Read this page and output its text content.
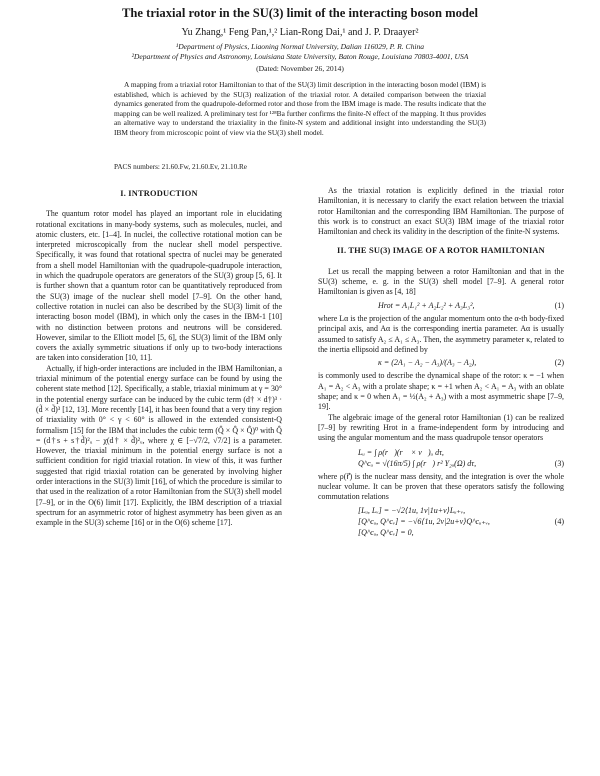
The triaxial rotor in the SU(3) limit of the interacting boson model
Yu Zhang,¹ Feng Pan,¹,² Lian-Rong Dai,¹ and J. P. Draayer²
¹Department of Physics, Liaoning Normal University, Dalian 116029, P. R. China
²Department of Physics and Astronomy, Louisiana State University, Baton Rouge, Louisiana 70803-4001, USA
(Dated: November 26, 2014)
A mapping from a triaxial rotor Hamiltonian to that of the SU(3) limit description in the interacting boson model (IBM) is established, which is achieved by the SU(3) realization of the triaxial rotor. A detailed comparison between the triaxial dynamics generated from the quadrupole-deformed rotor and those from the IBM image is made. The results indicate that the mapping can be well realized. A preliminary test for ¹²⁸Ba further confirms the finite-N effect of the mapping. It thus provides an alternative way to understand the triaxiality in the finite-N system and additional insight into understanding the SU(3) IBM theory from microscopic point of view via the SU(3) shell model.
PACS numbers: 21.60.Fw, 21.60.Ev, 21.10.Re
I. INTRODUCTION

The quantum rotor model has played an important role in elucidating rotational excitations in many-body systems, such as molecules, nuclei, and atomic clusters, etc. [1–4]. In nuclei, the collective rotational motion can be interpreted microscopically from the nuclear shell model perspective. Specifically, it was found that rotational spectra of nuclei may be generated from a shell model Hamiltonian with the quadrupole-quadrupole interaction, in which the quadrupole operators are generators of the SU(3) group [5, 6]. It is further shown that a quantum rotor can be quantitatively reproduced from the SU(3) image of the nuclear shell model [7–9]. On the other hand, collective rotation in nuclei can also be described by the SU(3) limit of the interacting boson model (IBM), in which only the cases in the IBM-1 [10] with no distinction between protons and neutrons will be considered. However, similar to the Elliott model [5, 6], the SU(3) limit of the IBM only covers the axially symmetric situations if only up to two-body interactions are taken into consideration [10, 11].

Actually, if high-order interactions are included in the IBM Hamiltonian, a triaxial minimum of the potential energy surface can be found by using the coherent state method [12]. Specifically, a stable, triaxial minimum at γ = 30° in the potential energy surface can be induced by the cubic term (d† × d†)³ · (d̃ × d̃)³ [12, 13]. More recently [14], it has been found that a very tiny region of triaxiality with 0° < γ < 60° is allowed in the extended consistent-Q formalism [15] for the IBM that includes the cubic term (Q̂ × Q̂ × Q̂)⁰ with Q̂ = (d†s + s†d̃)²ᵤ − χ(d† × d̃)²ᵤ, where χ ∈ [−√7/2, √7/2] is a parameter. However, the triaxial minimum in the potential energy surface is not a sufficient condition for rigid triaxial rotation. In view of this, it was further suggested that rigid triaxial rotation can be generated by involving higher order interactions in the SU(3) limit [16], of which the procedure is similar to that used in the realization of a rotor Hamiltonian from the SU(3) shell model [7–9], or in the O(6) limit [17]. Explicitly, the IBM description of a triaxial spectrum for an asymmetric rotor of highest asymmetry has been given as an example in the SU(3) scheme [16] or in the O(6) scheme [17].

As the triaxial rotation is explicitly defined in the triaxial rotor Hamiltonian, it is necessary to clarify the exact relation between the triaxial rotor Hamiltonian and the corresponding IBM Hamiltonian. The purpose of this work is to construct an exact SU(3) IBM image of the triaxial rotor Hamiltonian and check its validity in the description of the finite-N systems.

II. THE SU(3) IMAGE OF A ROTOR HAMILTONIAN

Let us recall the mapping between a rotor Hamiltonian and that in the SU(3) scheme, e. g. in the SU(3) shell model [7–9]. A general rotor Hamiltonian is given as [4, 18]

Hrot = A₁L₁² + A₂L₂² + A₃L₃²,	(1)

where Lα is the projection of the angular momentum onto the α-th body-fixed principal axis, and Aα is the corresponding inertia parameter. Aα is usually assumed to satisfy A₂ ≤ A₁ ≤ A₃. Then, the asymmetry parameter κ, related to the inertia ellipsoid and defined by

κ = (2A₁ − A₂ − A₃)/(A₃ − A₂),	(2)

is commonly used to describe the dynamical shape of the rotor: κ = −1 when A₁ = A₂ < A₃ with a prolate shape; κ = +1 when A₂ < A₁ = A₃ with an oblate shape; and κ = 0 when A₁ = ½(A₂ + A₃) with a most asymmetric shape [7–9, 19].

The algebraic image of the general rotor Hamiltonian (1) can be realized [7–9] by rewriting Hrot in a frame-independent form by introducing and using the angular momentum and the mass quadrupole tensor operators

Lᵤ = ∫ ρ(r⃗)(r⃗ × v⃗)ᵤ dτ,
Q^cᵤ = √(16π/5) ∫ ρ(r⃗) r² Y₂ᵤ(Ω) dτ,	(3)

where ρ(r⃗) is the nuclear mass density, and the integration is over the whole nuclear volume. It can be proven that these operators satisfy the following commutation relations

[Lᵤ, Lᵥ] = −√2⟨1u, 1v|1u+v⟩Lᵤ₊ᵥ,
[Q^cᵤ, Q^cᵥ] = −√6⟨1u, 2v|2u+v⟩Q^cᵤ₊ᵥ,	(4)
[Q^cᵤ, Q^cᵥ] = 0,
